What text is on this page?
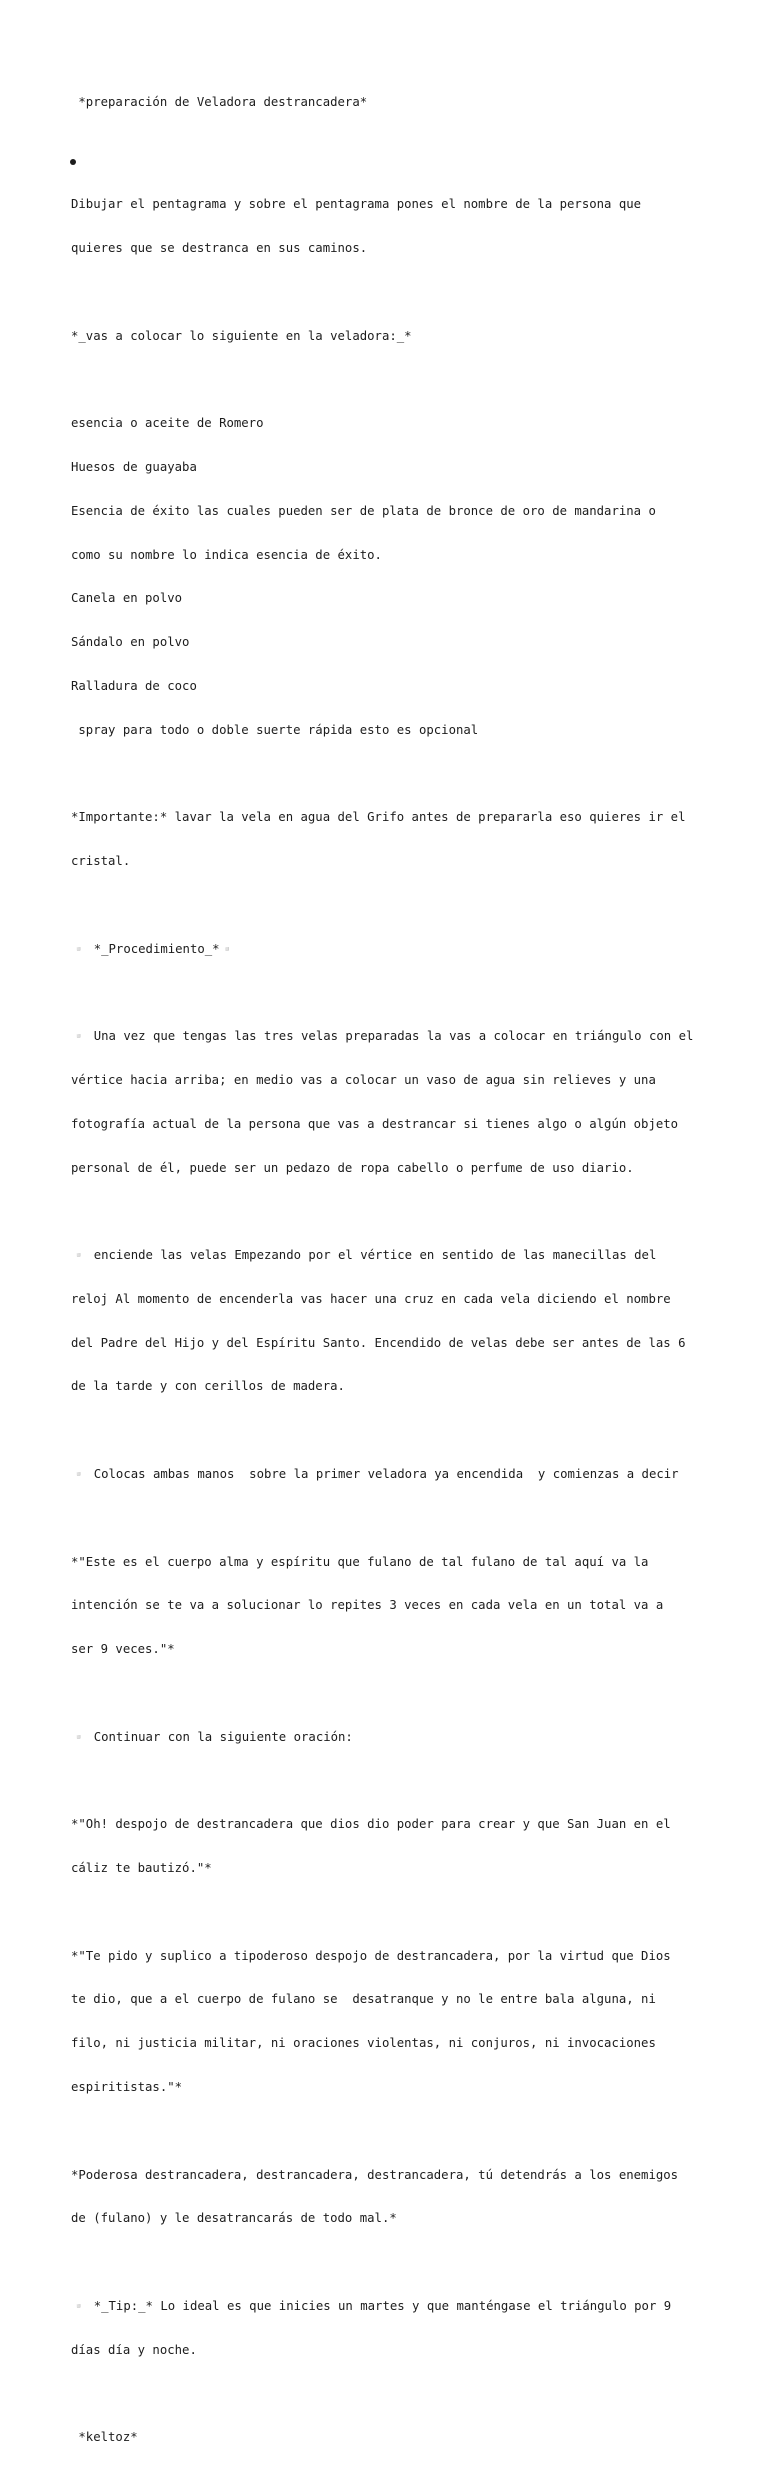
*preparación de Veladora destrancadera*

Dibujar el pentagrama y sobre el pentagrama pones el nombre de la persona que

quieres que se destranca en sus caminos.

*_vas a colocar lo siguiente en la veladora:_*

esencia o aceite de Romero

Huesos de guayaba

Esencia de éxito las cuales pueden ser de plata de bronce de oro de mandarina o

como su nombre lo indica esencia de éxito.

Canela en polvo

Sándalo en polvo

Ralladura de coco

spray para todo o doble suerte rápida esto es opcional

*Importante:* lavar la vela en agua del Grifo antes de prepararla eso quieres ir el

cristal.

▫️ *_Procedimiento_*▫️

▫️ Una vez que tengas las tres velas preparadas la vas a colocar en triángulo con el

vértice hacia arriba; en medio vas a colocar un vaso de agua sin relieves y una

fotografía actual de la persona que vas a destrancar si tienes algo o algún objeto

personal de él, puede ser un pedazo de ropa cabello o perfume de uso diario.

▫️ enciende las velas Empezando por el vértice en sentido de las manecillas del

reloj Al momento de encenderla vas hacer una cruz en cada vela diciendo el nombre

del Padre del Hijo y del Espíritu Santo. Encendido de velas debe ser antes de las 6

de la tarde y con cerillos de madera.

▫️ Colocas ambas manos  sobre la primer veladora ya encendida  y comienzas a decir

*"Este es el cuerpo alma y espíritu que fulano de tal fulano de tal aquí va la

intención se te va a solucionar lo repites 3 veces en cada vela en un total va a

ser 9 veces."*

▫️ Continuar con la siguiente oración:

*"Oh! despojo de destrancadera que dios dio poder para crear y que San Juan en el

cáliz te bautizó."*

*"Te pido y suplico a tipoderoso despojo de destrancadera, por la virtud que Dios

te dio, que a el cuerpo de fulano se  desatranque y no le entre bala alguna, ni

filo, ni justicia militar, ni oraciones violentas, ni conjuros, ni invocaciones

espiritistas."*

*Poderosa destrancadera, destrancadera, destrancadera, tú detendrás a los enemigos

de (fulano) y le desatrancarás de todo mal.*

▫️ *_Tip:_* Lo ideal es que inicies un martes y que manténgase el triángulo por 9

días día y noche.

*keltoz*
